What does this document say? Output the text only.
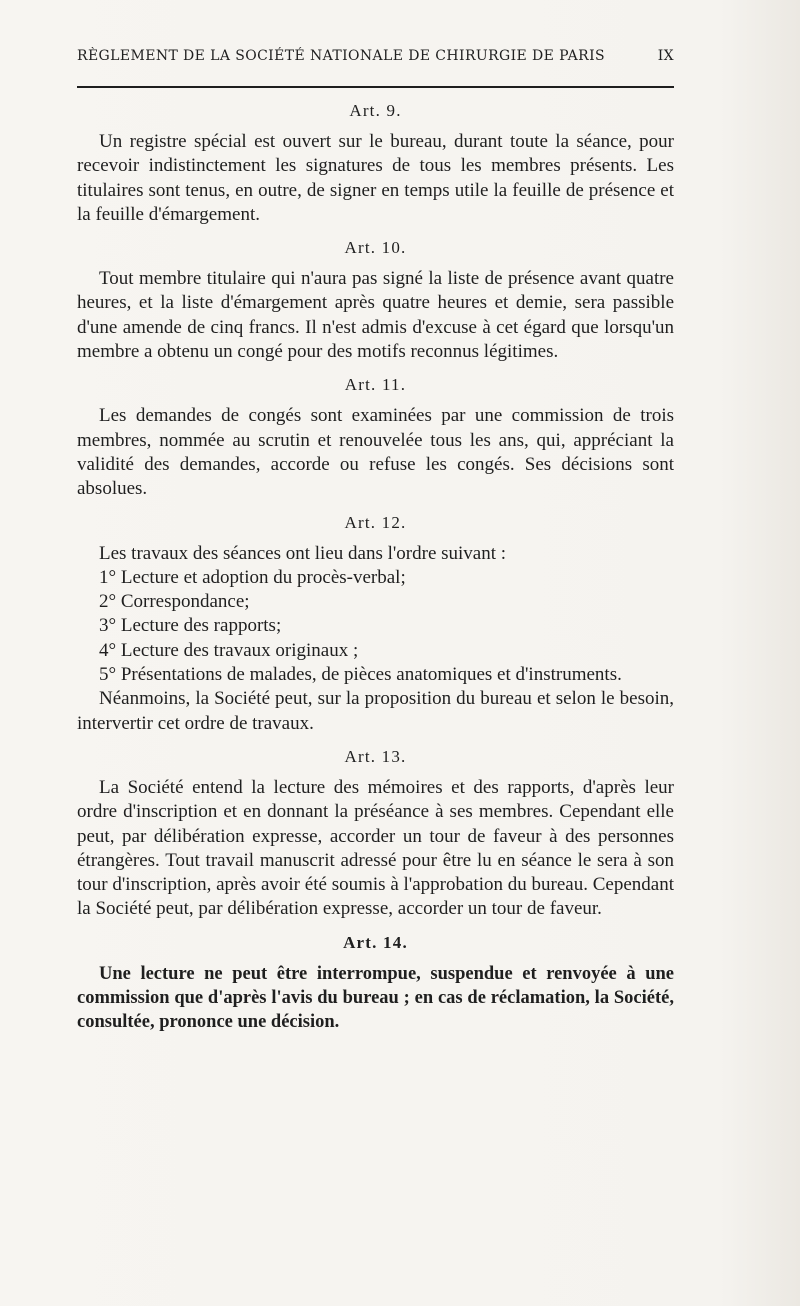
RÈGLEMENT DE LA SOCIÉTÉ NATIONALE DE CHIRURGIE DE PARIS	IX
Art. 9.

Un registre spécial est ouvert sur le bureau, durant toute la séance, pour recevoir indistinctement les signatures de tous les membres présents. Les titulaires sont tenus, en outre, de signer en temps utile la feuille de présence et la feuille d'émargement.

Art. 10.

Tout membre titulaire qui n'aura pas signé la liste de présence avant quatre heures, et la liste d'émargement après quatre heures et demie, sera passible d'une amende de cinq francs. Il n'est admis d'excuse à cet égard que lorsqu'un membre a obtenu un congé pour des motifs reconnus légitimes.

Art. 11.

Les demandes de congés sont examinées par une commission de trois membres, nommée au scrutin et renouvelée tous les ans, qui, appréciant la validité des demandes, accorde ou refuse les congés. Ses décisions sont absolues.

Art. 12.

Les travaux des séances ont lieu dans l'ordre suivant :

1° Lecture et adoption du procès-verbal;
2° Correspondance;
3° Lecture des rapports;
4° Lecture des travaux originaux ;
5° Présentations de malades, de pièces anatomiques et d'instruments.

Néanmoins, la Société peut, sur la proposition du bureau et selon le besoin, intervertir cet ordre de travaux.

Art. 13.

La Société entend la lecture des mémoires et des rapports, d'après leur ordre d'inscription et en donnant la préséance à ses membres. Cependant elle peut, par délibération expresse, accorder un tour de faveur à des personnes étrangères. Tout travail manuscrit adressé pour être lu en séance le sera à son tour d'inscription, après avoir été soumis à l'approbation du bureau. Cependant la Société peut, par délibération expresse, accorder un tour de faveur.

Art. 14.

Une lecture ne peut être interrompue, suspendue et renvoyée à une commission que d'après l'avis du bureau ; en cas de réclamation, la Société, consultée, prononce une décision.
